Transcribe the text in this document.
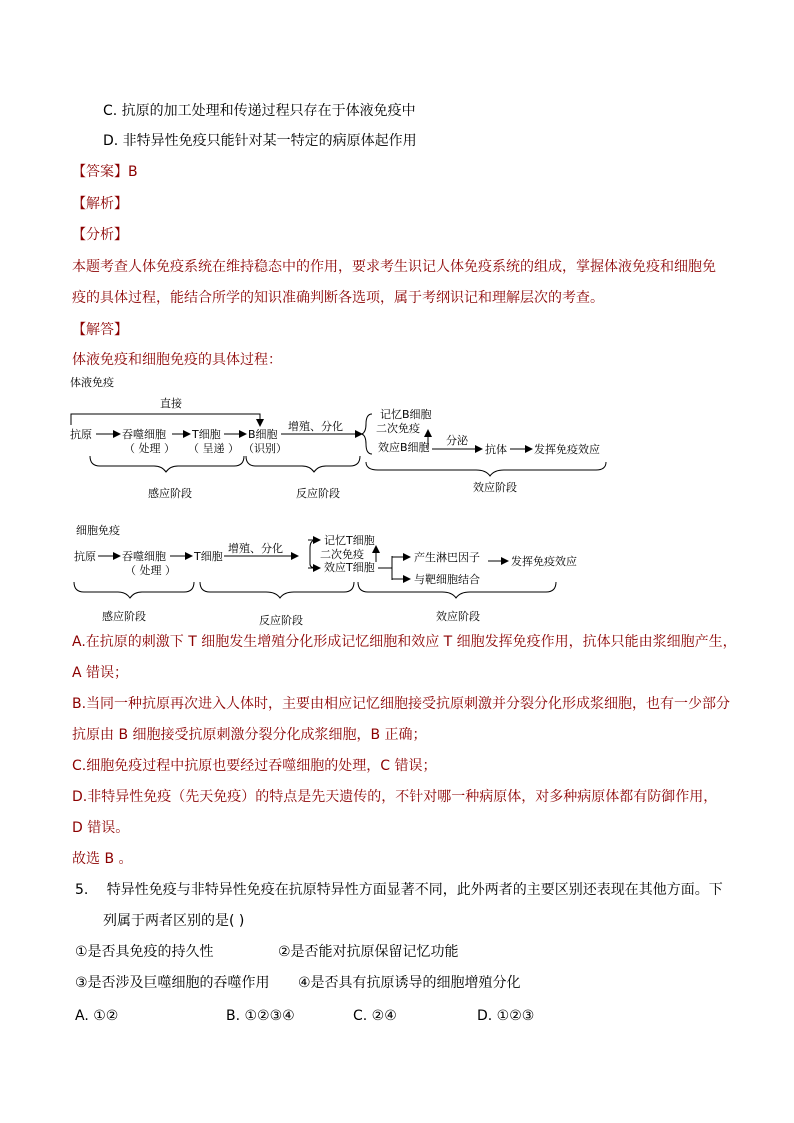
C. 抗原的加工处理和传递过程只存在于体液免疫中
D. 非特异性免疫只能针对某一特定的病原体起作用
【答案】B
【解析】
【分析】
本题考查人体免疫系统在维持稳态中的作用，要求考生识记人体免疫系统的组成，掌握体液免疫和细胞免
疫的具体过程，能结合所学的知识准确判断各选项，属于考纲识记和理解层次的考查。
【解答】
体液免疫和细胞免疫的具体过程：
体液免疫
直接
抗原	吞噬细胞
（ 处理 ）
T细胞
（ 呈递 ）
B细胞
（识别）
增殖、分化
记忆B细胞
二次免疫
效应B细胞
分泌
抗体 发挥免疫效应
感应阶段	反应阶段	效应阶段
细胞免疫
抗原 吞噬细胞
（ 处理 ）
T细胞
增殖、分化
记忆T细胞
二次免疫
效应T细胞
产生淋巴因子	发挥免疫效应
与靶细胞结合
感应阶段	反应阶段	效应阶段
A.在抗原的刺激下 T 细胞发生增殖分化形成记忆细胞和效应 T 细胞发挥免疫作用，抗体只能由浆细胞产生，
A 错误；
B.当同一种抗原再次进入人体时，主要由相应记忆细胞接受抗原刺激并分裂分化形成浆细胞，也有一少部分
抗原由 B 细胞接受抗原刺激分裂分化成浆细胞，B 正确；
C.细胞免疫过程中抗原也要经过吞噬细胞的处理，C 错误；
D.非特异性免疫（先天免疫）的特点是先天遗传的，不针对哪一种病原体，对多种病原体都有防御作用，
D 错误。
故选 B 。
5.　 特异性免疫与非特异性免疫在抗原特异性方面显著不同，此外两者的主要区别还表现在其他方面。下
列属于两者区别的是( )
①是否具免疫的持久性	②是否能对抗原保留记忆功能
③是否涉及巨噬细胞的吞噬作用 ④是否具有抗原诱导的细胞增殖分化
A. ①②	B. ①②③④	C. ②④	D. ①②③
